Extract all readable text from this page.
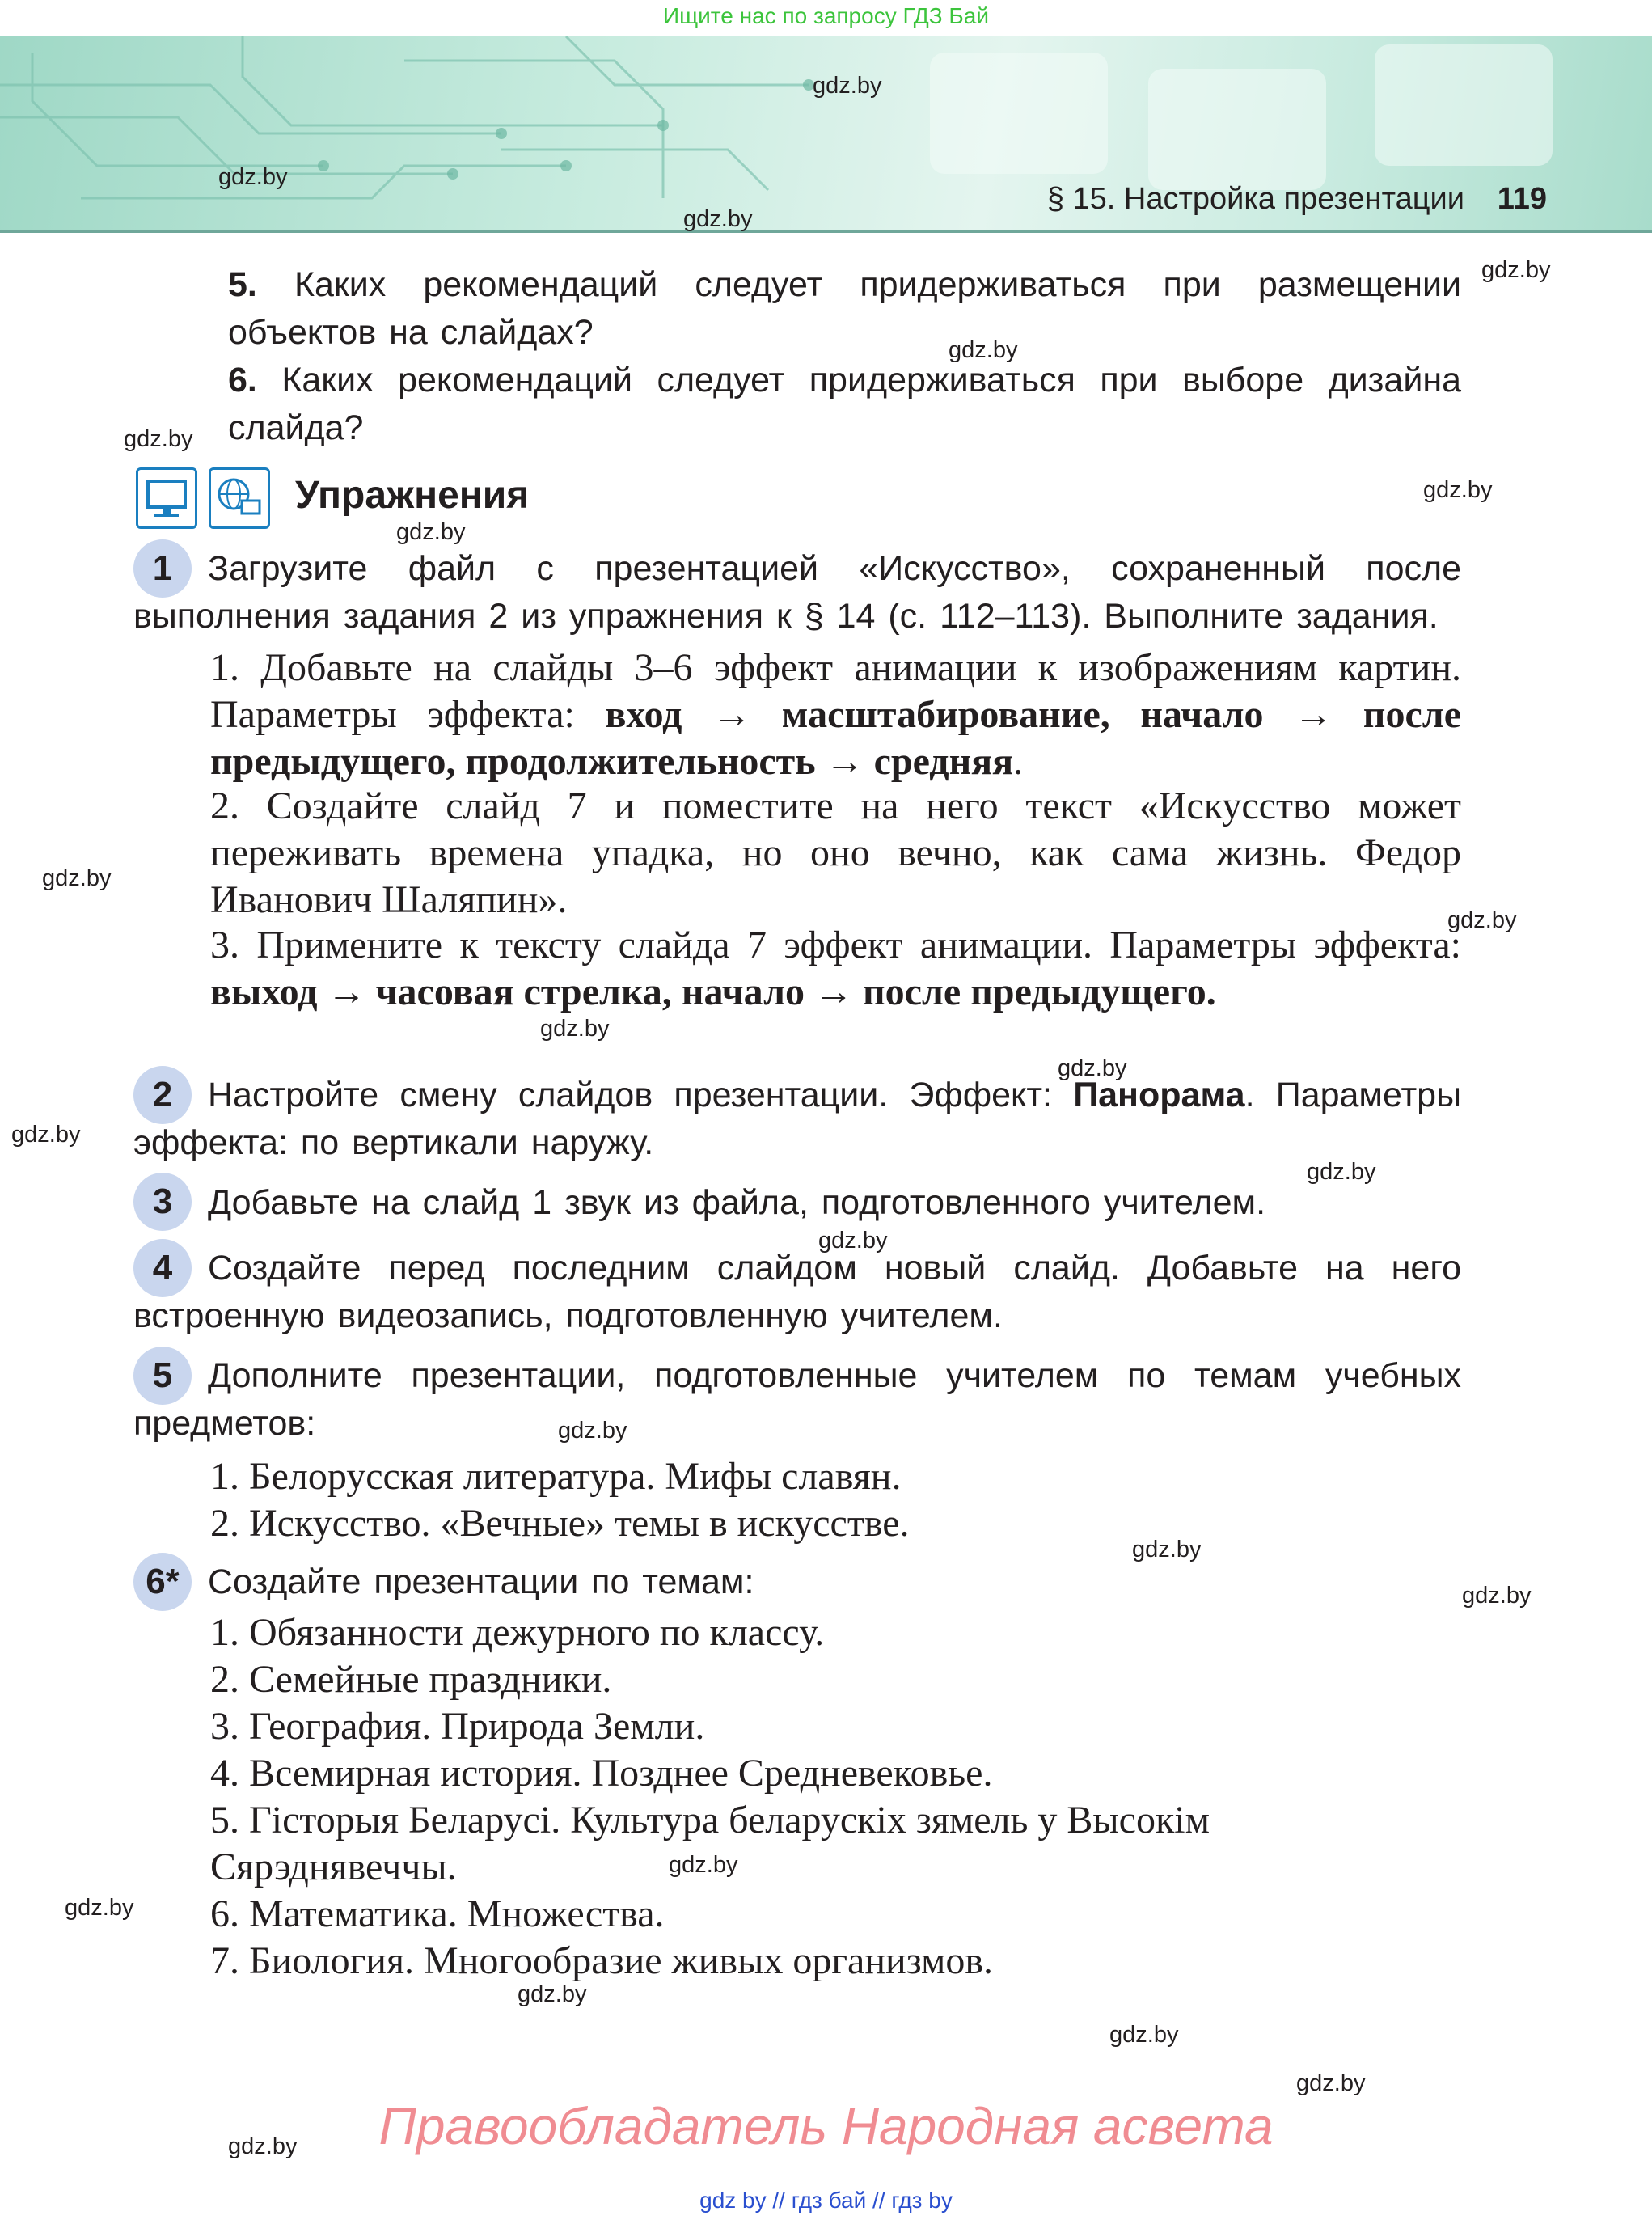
Ищите нас по запросу ГДЗ Бай
§ 15. Настройка презентации 119
5. Каких рекомендаций следует придерживаться при размещении объектов на слайдах?
6. Каких рекомендаций следует придерживаться при выборе дизайна слайда?
Упражнения
1	Загрузите файл с презентацией «Искусство», сохраненный после выполнения задания 2 из упражнения к § 14 (с. 112–113). Выполните задания.
1. Добавьте на слайды 3–6 эффект анимации к изображениям картин. Параметры эффекта: вход → масштабирование, начало → после предыдущего, продолжительность → средняя.
2. Создайте слайд 7 и поместите на него текст «Искусство может переживать времена упадка, но оно вечно, как сама жизнь. Федор Иванович Шаляпин».
3. Примените к тексту слайда 7 эффект анимации. Параметры эффекта: выход → часовая стрелка, начало → после предыдущего.
2	Настройте смену слайдов презентации. Эффект: Панорама. Параметры эффекта: по вертикали наружу.
3	Добавьте на слайд 1 звук из файла, подготовленного учителем.
4	Создайте перед последним слайдом новый слайд. Добавьте на него встроенную видеозапись, подготовленную учителем.
5	Дополните презентации, подготовленные учителем по темам учебных предметов:
1. Белорусская литература. Мифы славян.
2. Искусство. «Вечные» темы в искусстве.
6* Создайте презентации по темам:
1. Обязанности дежурного по классу.
2. Семейные праздники.
3. География. Природа Земли.
4. Всемирная история. Позднее Средневековье.
5. Гісторыя Беларусі. Культура беларускіх зямель у Высокім
Сярэднявеччы.
6. Математика. Множества.
7. Биология. Многообразие живых организмов.
gdz.by
gdz.by
gdz.by
gdz.by
gdz.by
gdz.by
gdz.by
gdz.by
gdz.by
gdz.by
gdz.by
gdz.by
gdz.by
gdz.by
gdz.by
gdz.by
gdz.by
gdz.by
gdz.by
gdz.by
gdz.by
gdz.by
gdz.by
gdz.by	Правообладатель Народная асвета
gdz by // гдз бай // гдз by
